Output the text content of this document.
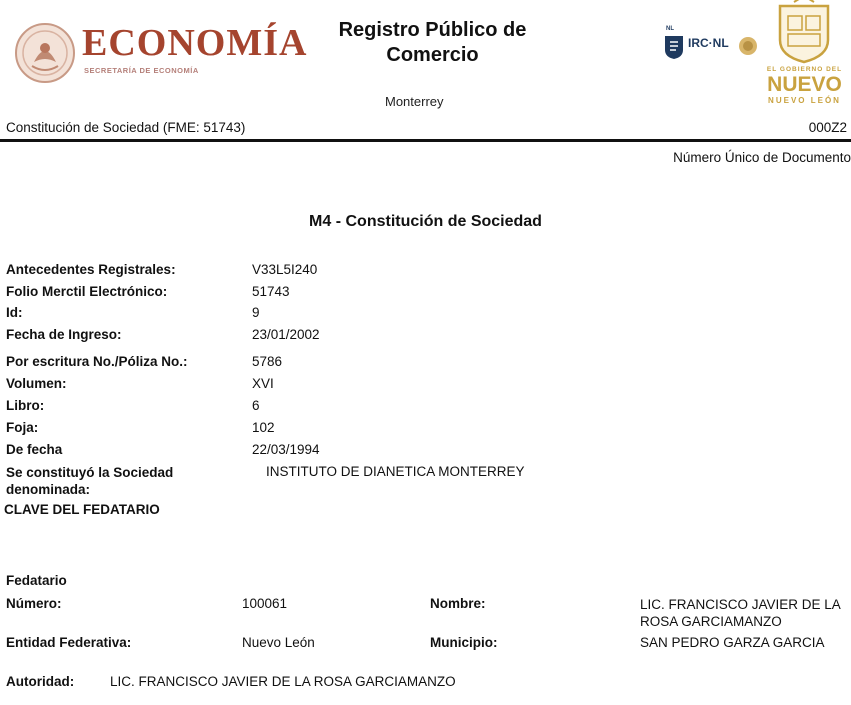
ECONOMÍA
SECRETARÍA DE ECONOMÍA
Registro Público de Comercio
Monterrey
NL
IRC·NL
EL GOBIERNO DEL
NUEVO
NUEVO LEÓN
Constitución de Sociedad (FME: 51743)	000Z2
Número Único de Documento
M4 - Constitución de Sociedad
Antecedentes Registrales:	V33L5I240
Folio Merctil Electrónico:	51743
Id:	9
Fecha de Ingreso:	23/01/2002
Por escritura No./Póliza No.:	5786
Volumen:	XVI
Libro:	6
Foja:	102
De fecha	22/03/1994
Se constituyó la Sociedad denominada:
INSTITUTO DE DIANETICA MONTERREY
CLAVE DEL FEDATARIO
Fedatario
Número:	100061	Nombre:	LIC. FRANCISCO JAVIER DE LA ROSA GARCIAMANZO
Entidad Federativa:	Nuevo León	Municipio:	SAN PEDRO GARZA GARCIA
Autoridad:	LIC. FRANCISCO JAVIER DE LA ROSA GARCIAMANZO
